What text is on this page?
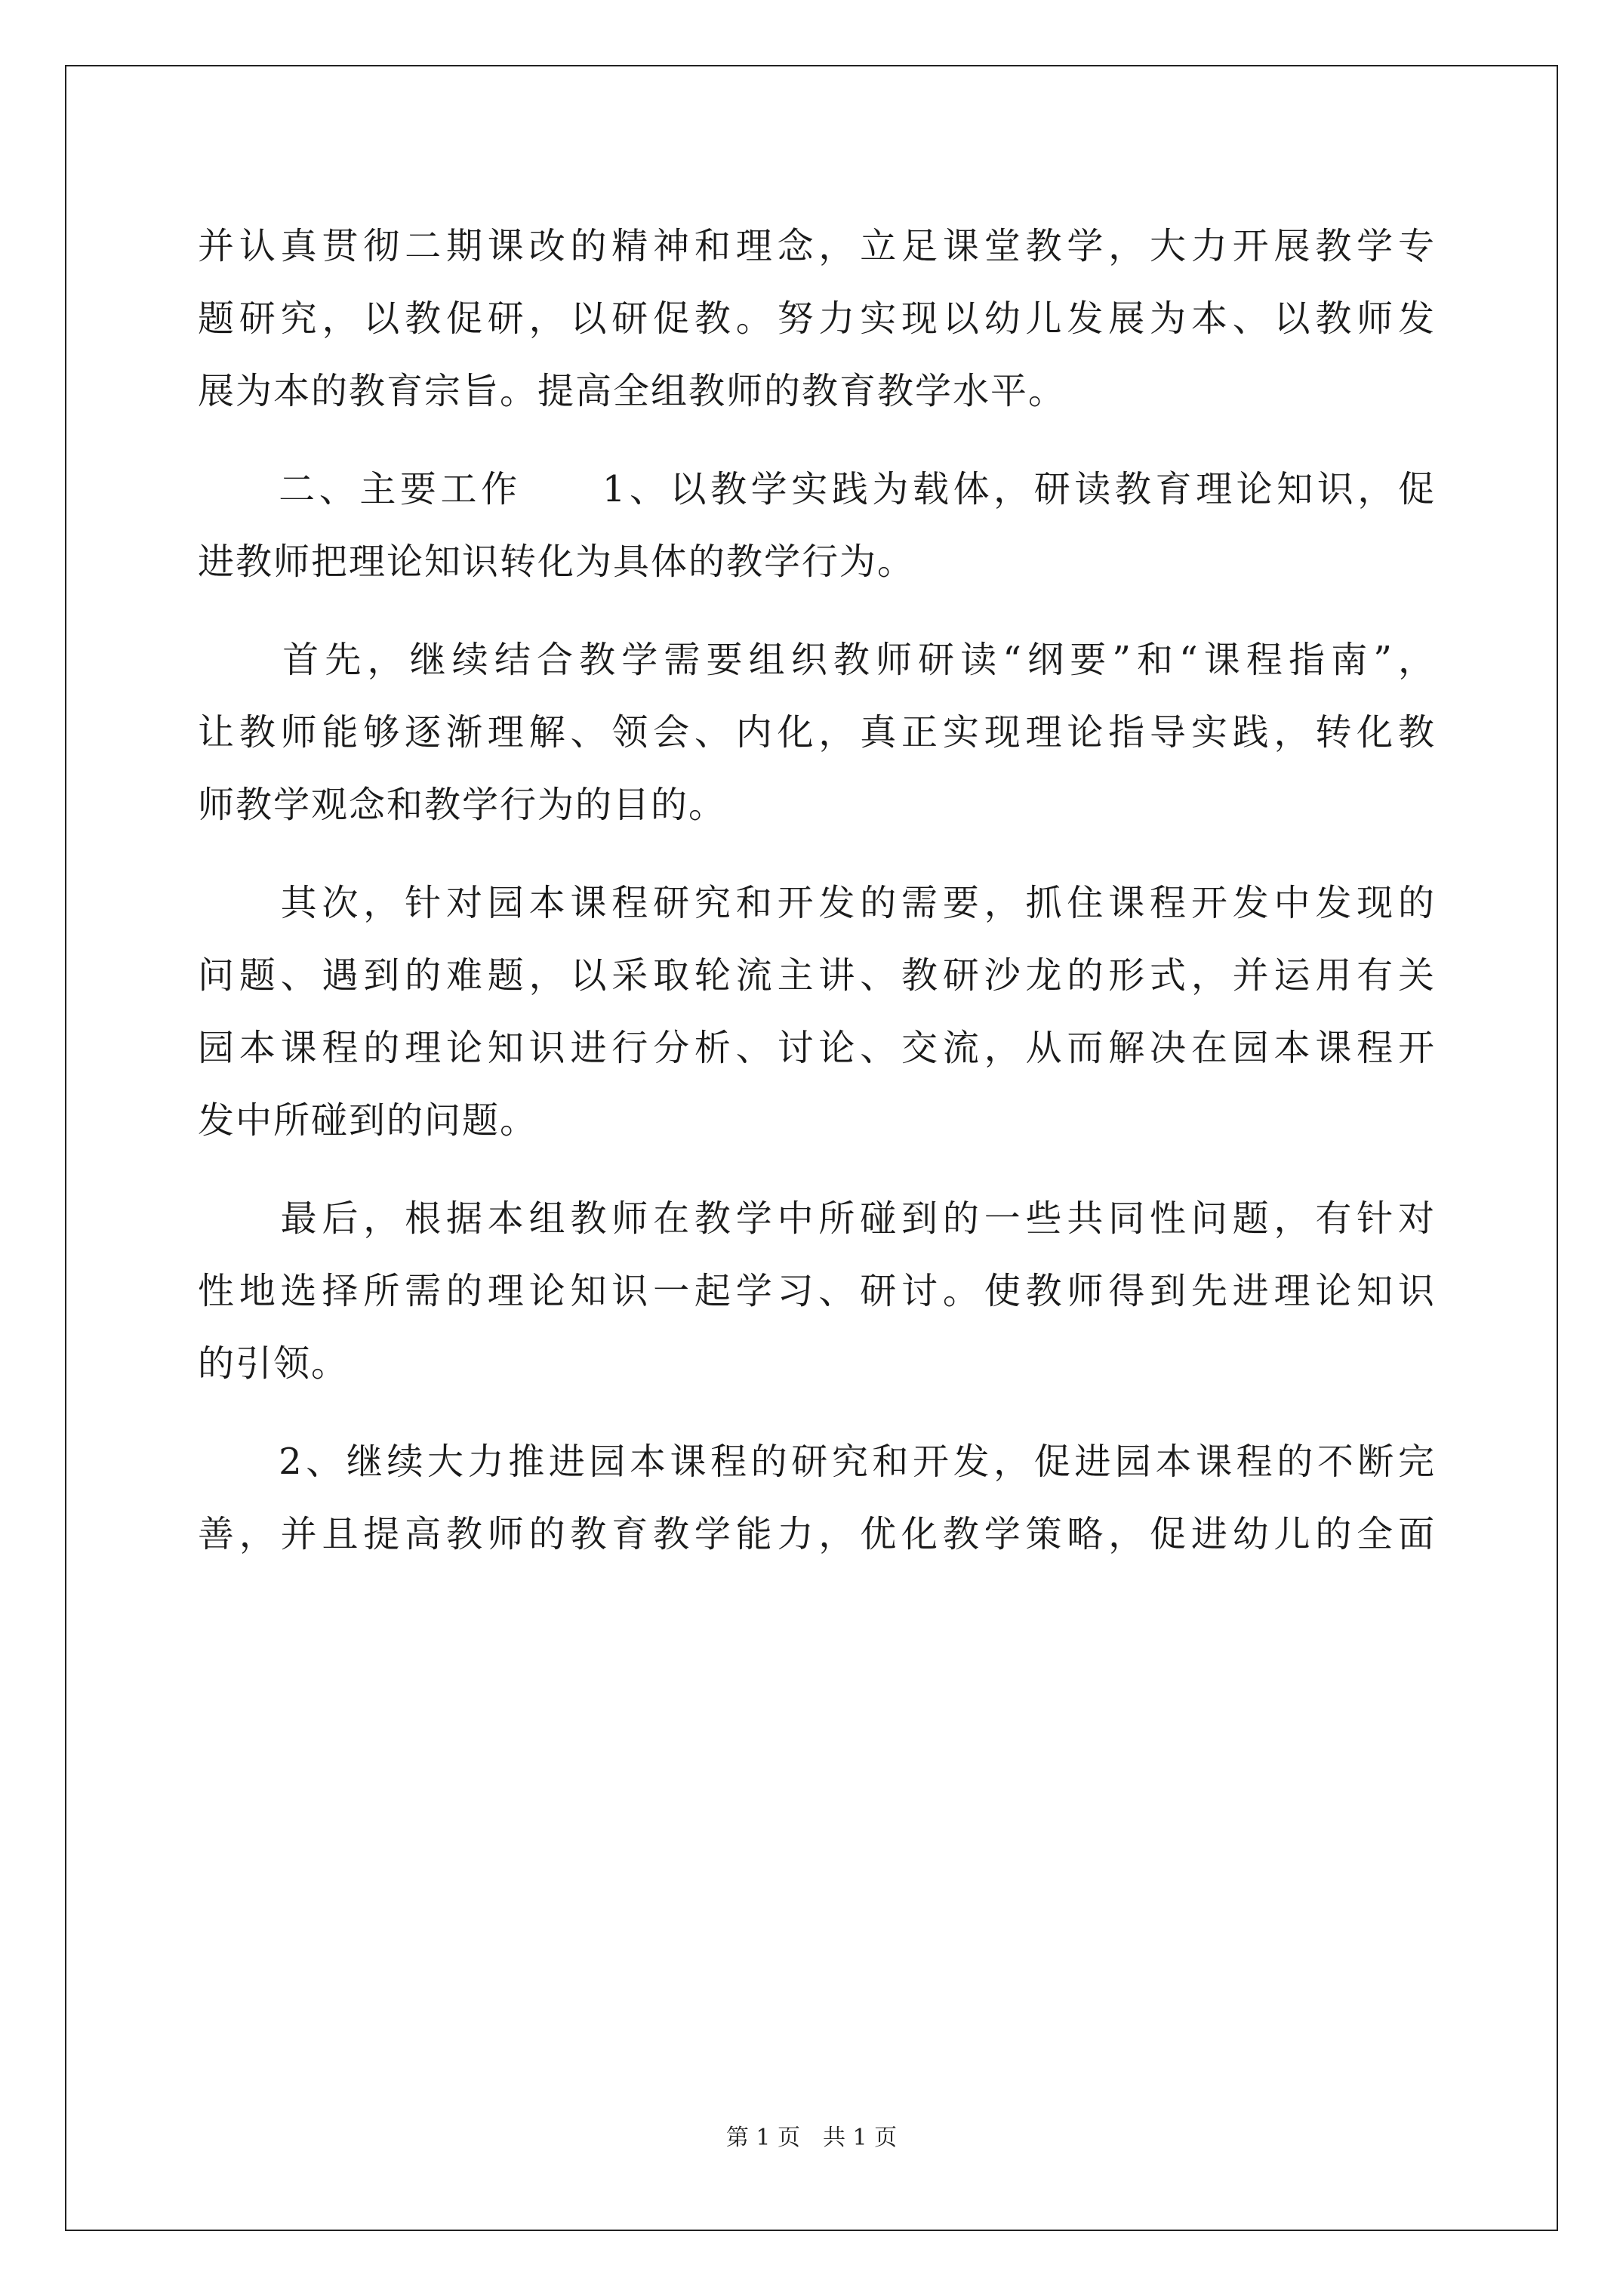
并认真贯彻二期课改的精神和理念，立足课堂教学，大力开展教学专
题研究，以教促研，以研促教。努力实现以幼儿发展为本、以教师发
展为本的教育宗旨。提高全组教师的教育教学水平。
　　二、主要工作　　1、以教学实践为载体，研读教育理论知识，促
进教师把理论知识转化为具体的教学行为。
　　首先，继续结合教学需要组织教师研读“纲要”和“课程指南”，
让教师能够逐渐理解、领会、内化，真正实现理论指导实践，转化教
师教学观念和教学行为的目的。
　　其次，针对园本课程研究和开发的需要，抓住课程开发中发现的
问题、遇到的难题，以采取轮流主讲、教研沙龙的形式，并运用有关
园本课程的理论知识进行分析、讨论、交流，从而解决在园本课程开
发中所碰到的问题。
　　最后，根据本组教师在教学中所碰到的一些共同性问题，有针对
性地选择所需的理论知识一起学习、研讨。使教师得到先进理论知识
的引领。
　　2、继续大力推进园本课程的研究和开发，促进园本课程的不断完
善，并且提高教师的教育教学能力，优化教学策略，促进幼儿的全面
第 1 页　共 1 页
